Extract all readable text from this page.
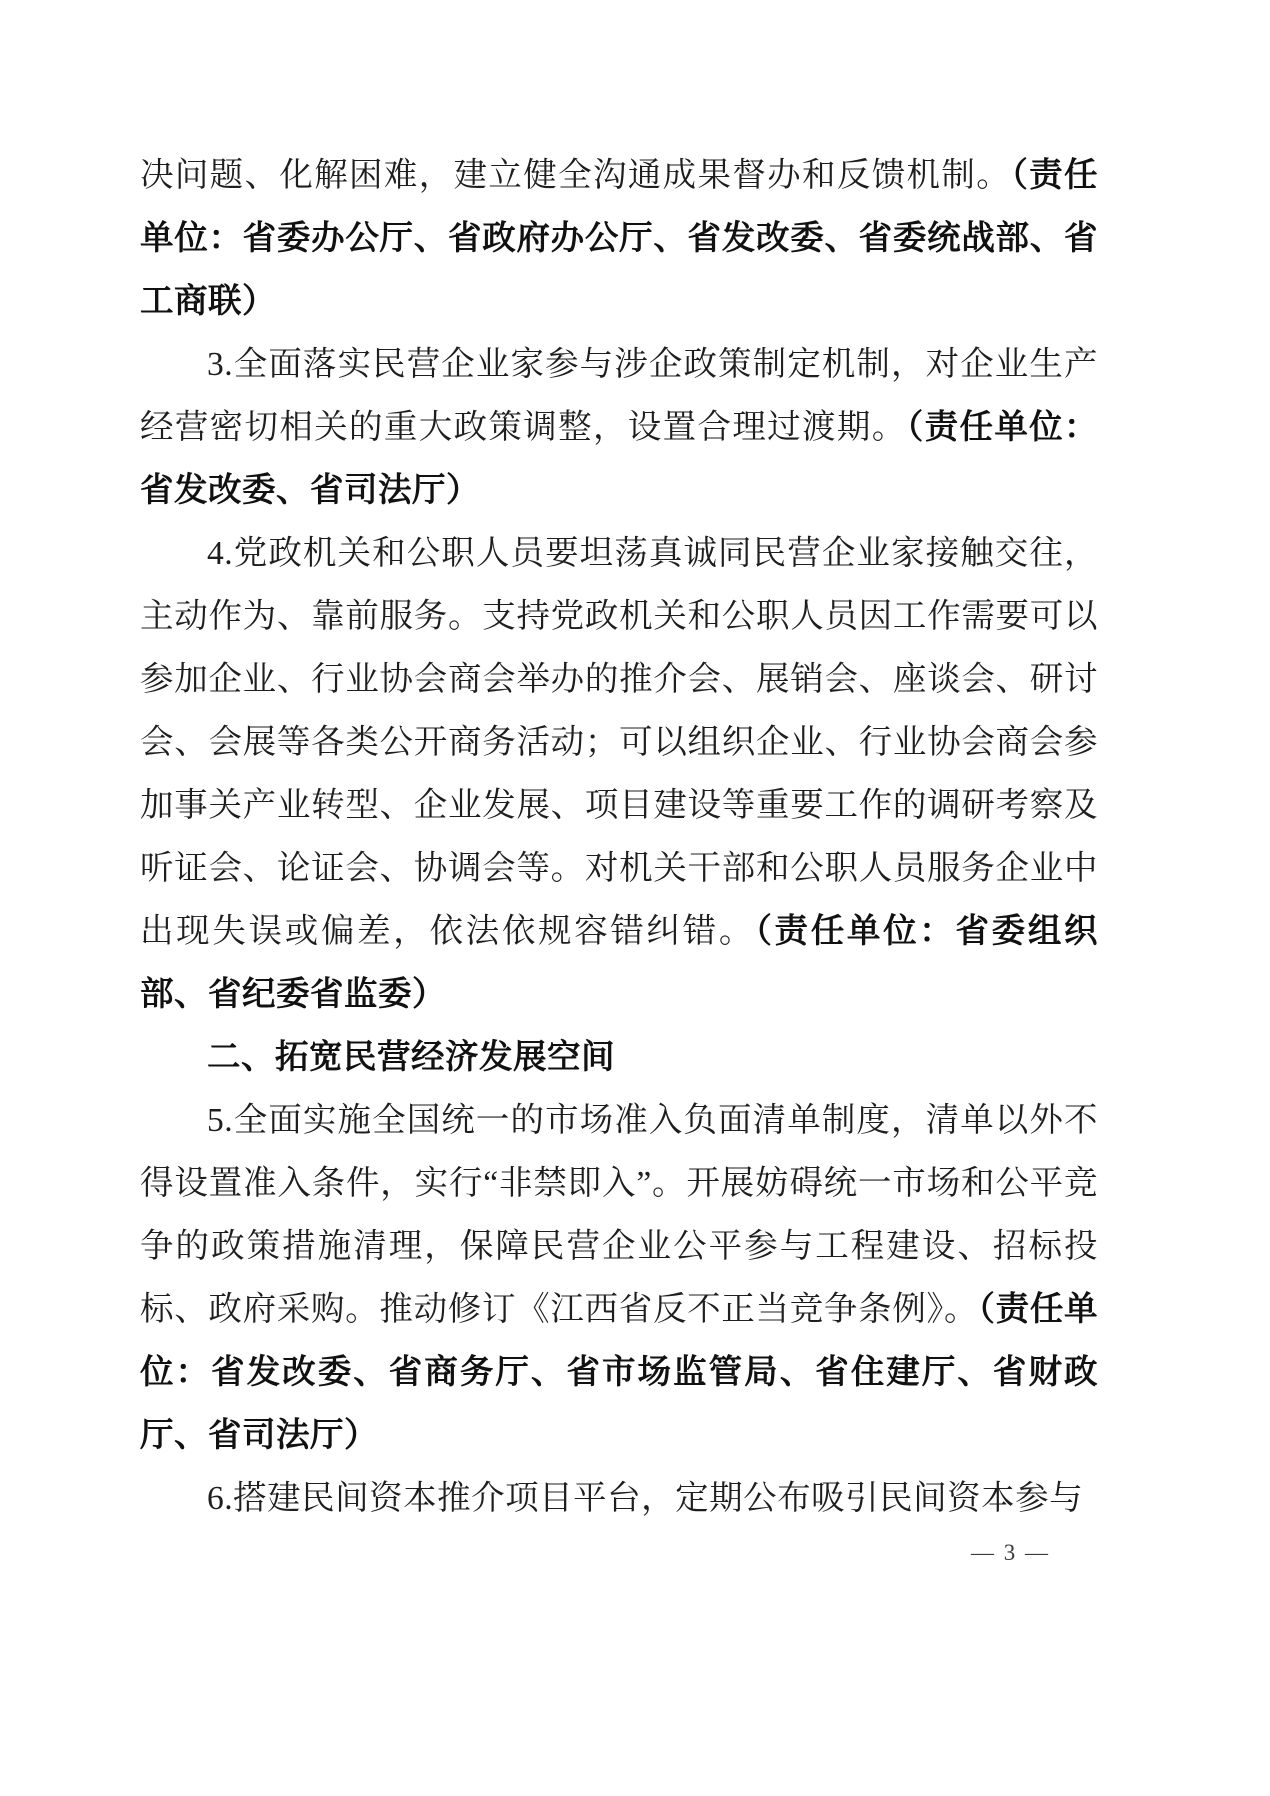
决问题、化解困难，建立健全沟通成果督办和反馈机制。（责任单位：省委办公厅、省政府办公厅、省发改委、省委统战部、省工商联）

3.全面落实民营企业家参与涉企政策制定机制，对企业生产经营密切相关的重大政策调整，设置合理过渡期。（责任单位：省发改委、省司法厅）

4.党政机关和公职人员要坦荡真诚同民营企业家接触交往，主动作为、靠前服务。支持党政机关和公职人员因工作需要可以参加企业、行业协会商会举办的推介会、展销会、座谈会、研讨会、会展等各类公开商务活动；可以组织企业、行业协会商会参加事关产业转型、企业发展、项目建设等重要工作的调研考察及听证会、论证会、协调会等。对机关干部和公职人员服务企业中出现失误或偏差，依法依规容错纠错。（责任单位：省委组织部、省纪委省监委）

二、拓宽民营经济发展空间

5.全面实施全国统一的市场准入负面清单制度，清单以外不得设置准入条件，实行“非禁即入”。开展妨碍统一市场和公平竞争的政策措施清理，保障民营企业公平参与工程建设、招标投标、政府采购。推动修订《江西省反不正当竞争条例》。（责任单位：省发改委、省商务厅、省市场监管局、省住建厅、省财政厅、省司法厅）

6.搭建民间资本推介项目平台，定期公布吸引民间资本参与

— 3 —
